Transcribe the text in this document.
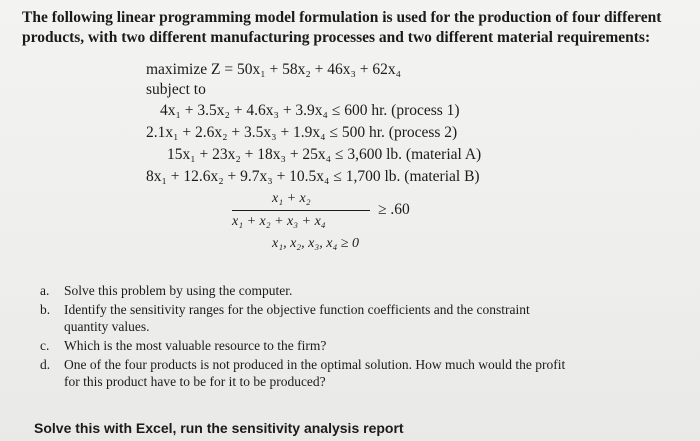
The following linear programming model formulation is used for the production of four different
products, with two different manufacturing processes and two different material requirements:
maximize Z = 50x₁ + 58x₂ + 46x₃ + 62x₄
subject to
4x₁ + 3.5x₂ + 4.6x₃ + 3.9x₄ ≤ 600 hr. (process 1)
2.1x₁ + 2.6x₂ + 3.5x₃ + 1.9x₄ ≤ 500 hr. (process 2)
15x₁ + 23x₂ + 18x₃ + 25x₄ ≤ 3,600 lb. (material A)
8x₁ + 12.6x₂ + 9.7x₃ + 10.5x₄ ≤ 1,700 lb. (material B)
x₁ + x₂
≥ .60
x₁ + x₂ + x₃ + x₄
x₁, x₂, x₃, x₄ ≥ 0
a.	Solve this problem by using the computer.
b.	Identify the sensitivity ranges for the objective function coefficients and the constraint
quantity values.
c.	Which is the most valuable resource to the firm?
d.	One of the four products is not produced in the optimal solution. How much would the profit
for this product have to be for it to be produced?
Solve this with Excel, run the sensitivity analysis report
